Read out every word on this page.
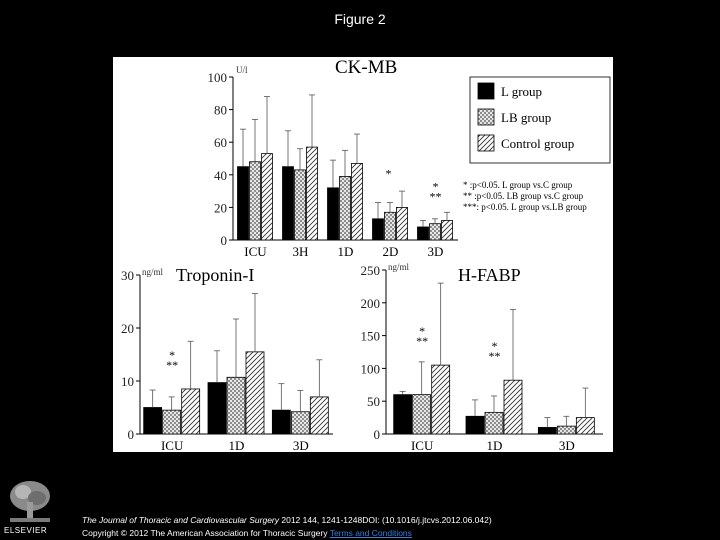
Figure 2
0
20
40
60
80
100 U/l	CK-MB
ICU 3H 1D 2D 3D
*
*
**
0
10
20
30 ng/ml Troponin-I
ICU	1D	3D
*
**
0
50
100
150
200
250 ng/ml	H-FABP
ICU	1D	3D
*
**	*
**
L group
LB group
Control group
* :p<0.05. L group vs.C group
** :p<0.05. LB group vs.C group
***: p<0.05. L group vs.LB group
ELSEVIER
The Journal of Thoracic and Cardiovascular Surgery 2012 144, 1241-1248DOI: (10.1016/j.jtcvs.2012.06.042)
Copyright © 2012 The American Association for Thoracic Surgery Terms and Conditions
